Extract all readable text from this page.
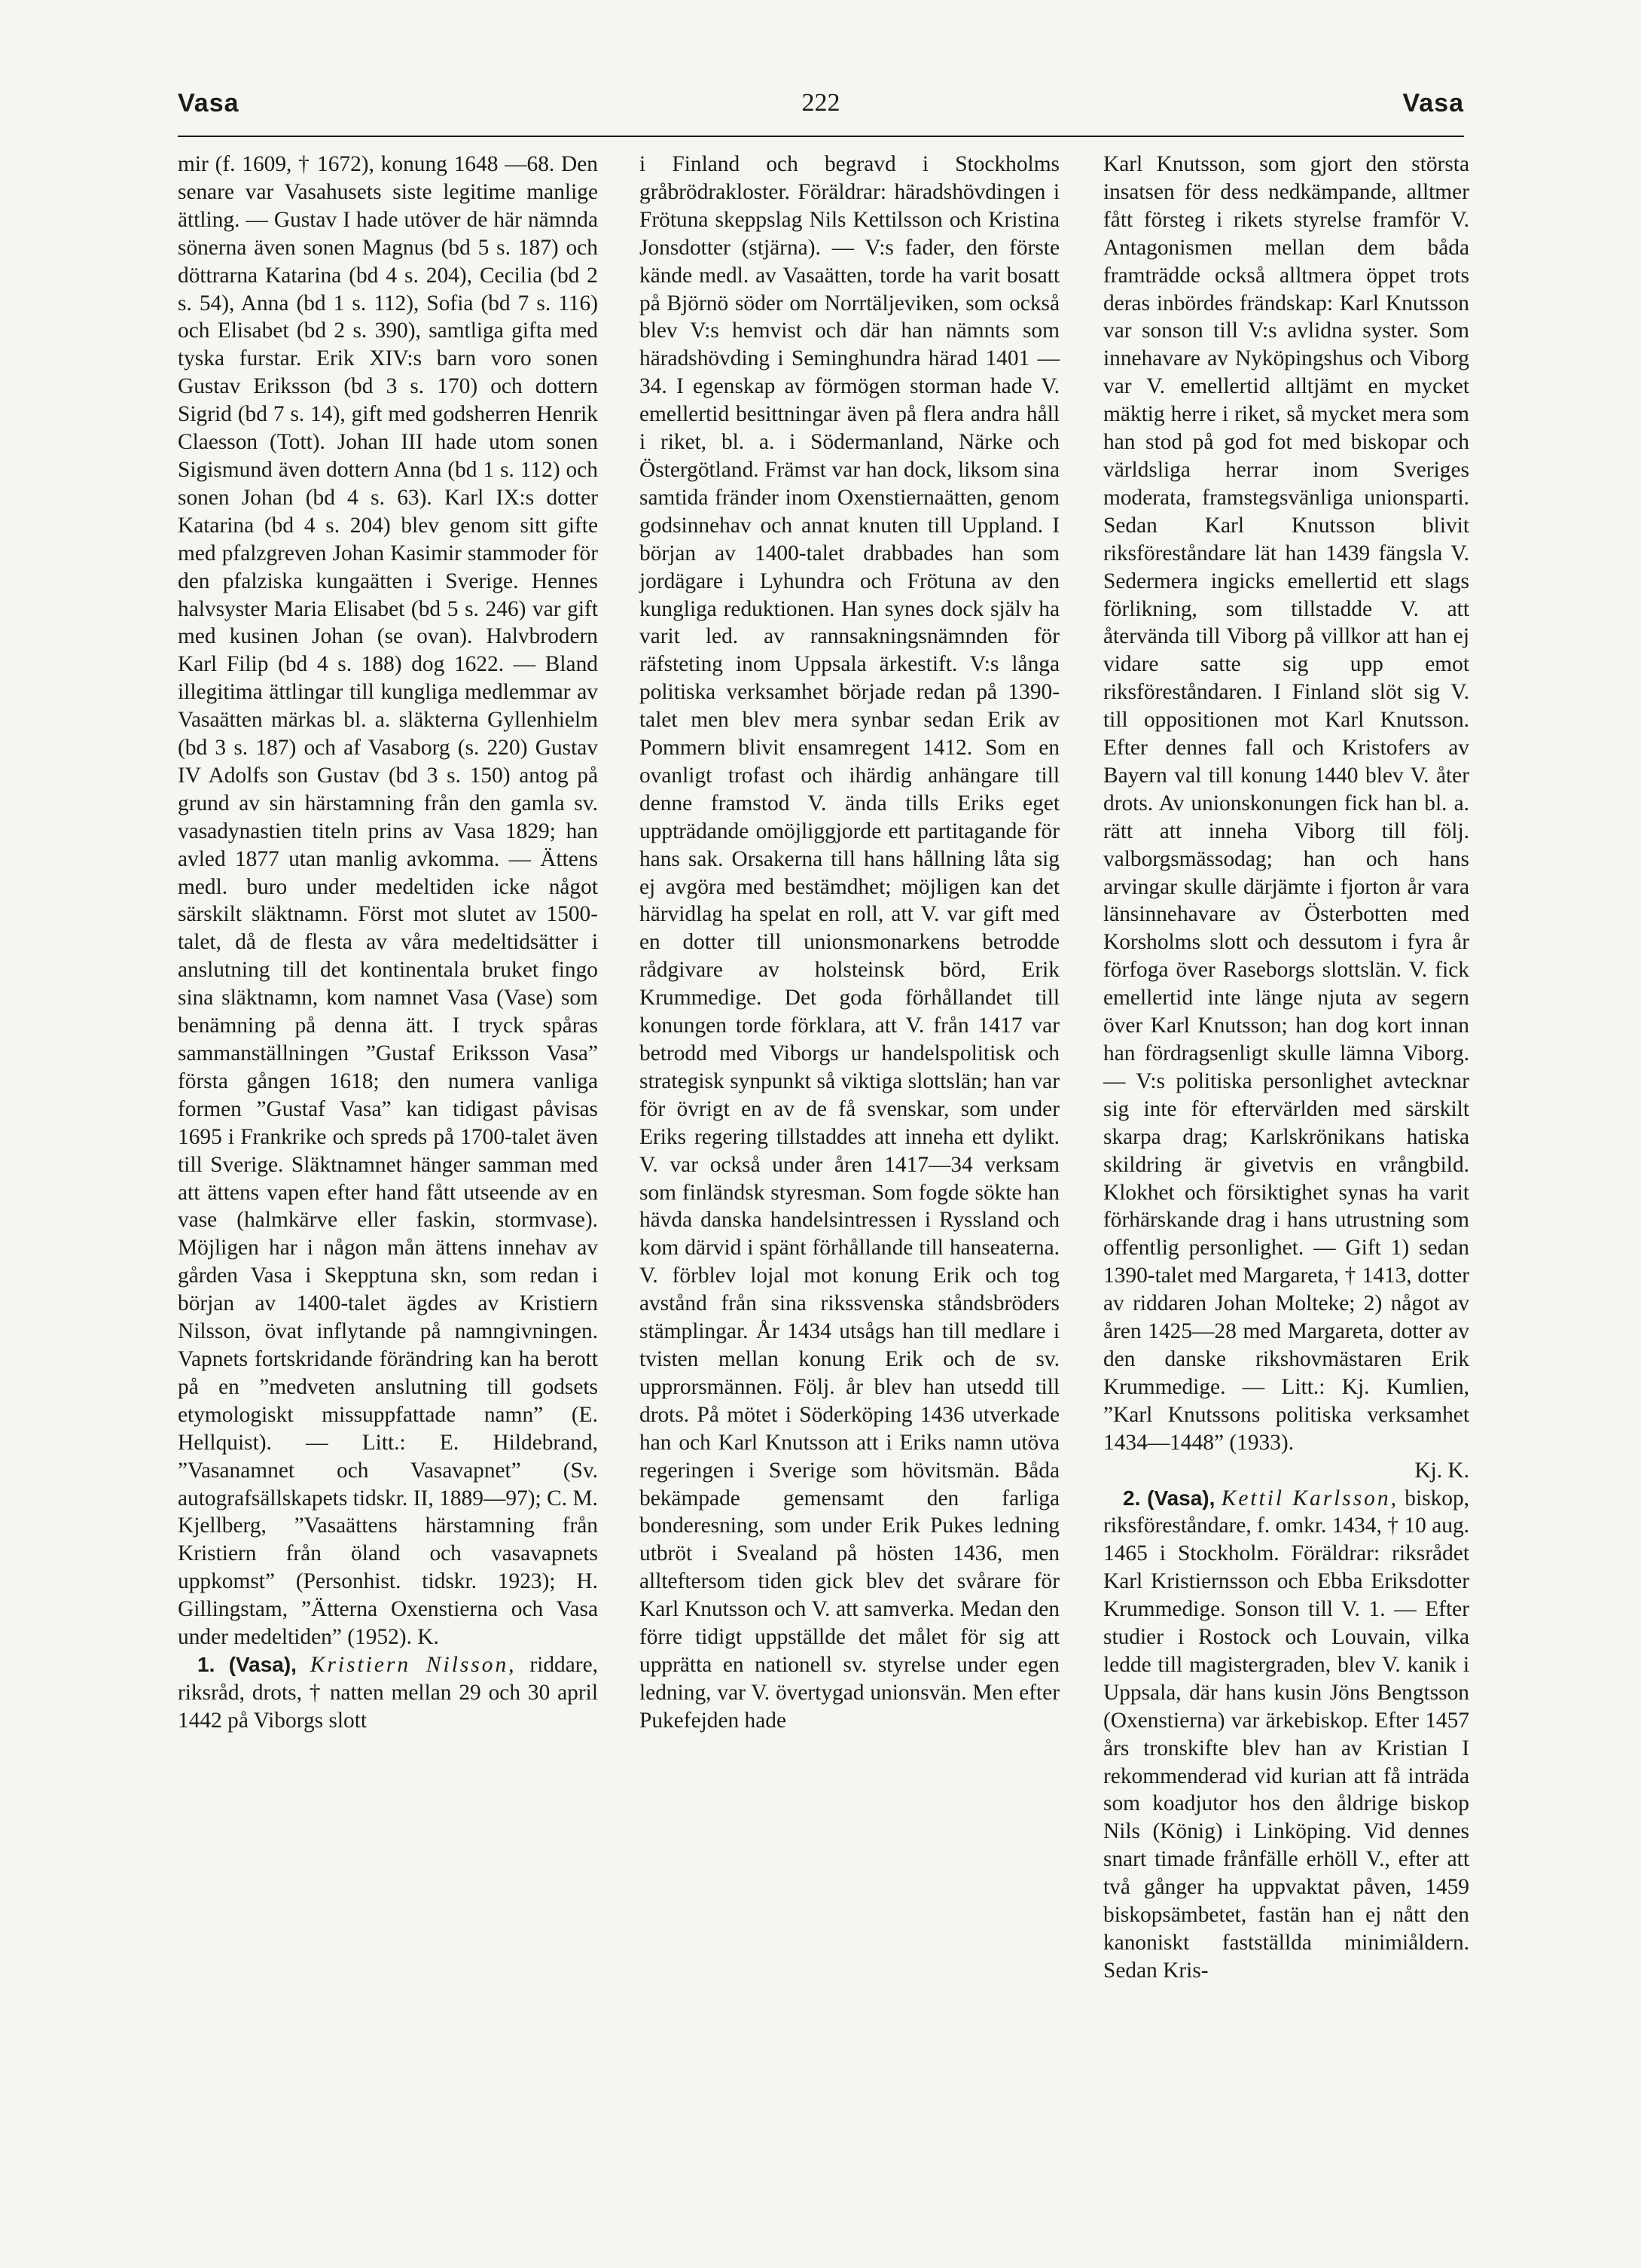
Vasa	222	Vasa

mir (f. 1609, † 1672), konung 1648 —68. Den senare var Vasahusets siste legitime manlige ättling. — Gustav I hade utöver de här nämnda sönerna även sonen Magnus (bd 5 s. 187) och döttrarna Katarina (bd 4 s. 204), Cecilia (bd 2 s. 54), Anna (bd 1 s. 112), Sofia (bd 7 s. 116) och Elisabet (bd 2 s. 390), samtliga gifta med tyska furstar. Erik XIV:s barn voro sonen Gustav Eriksson (bd 3 s. 170) och dottern Sigrid (bd 7 s. 14), gift med godsherren Henrik Claesson (Tott). Johan III hade utom sonen Sigismund även dottern Anna (bd 1 s. 112) och sonen Johan (bd 4 s. 63). Karl IX:s dotter Katarina (bd 4 s. 204) blev genom sitt gifte med pfalzgreven Johan Kasimir stammoder för den pfalziska kungaätten i Sverige. Hennes halvsyster Maria Elisabet (bd 5 s. 246) var gift med kusinen Johan (se ovan). Halvbrodern Karl Filip (bd 4 s. 188) dog 1622. — Bland illegitima ättlingar till kungliga medlemmar av Vasaätten märkas bl. a. släkterna Gyllenhielm (bd 3 s. 187) och af Vasaborg (s. 220) Gustav IV Adolfs son Gustav (bd 3 s. 150) antog på grund av sin härstamning från den gamla sv. vasadynastien titeln prins av Vasa 1829; han avled 1877 utan manlig avkomma. — Ättens medl. buro under medeltiden icke något särskilt släktnamn. Först mot slutet av 1500-talet, då de flesta av våra medeltidsätter i anslutning till det kontinentala bruket fingo sina släktnamn, kom namnet Vasa (Vase) som benämning på denna ätt. I tryck spåras sammanställningen ”Gustaf Eriksson Vasa” första gången 1618; den numera vanliga formen ”Gustaf Vasa” kan tidigast påvisas 1695 i Frankrike och spreds på 1700-talet även till Sverige. Släktnamnet hänger samman med att ättens vapen efter hand fått utseende av en vase (halmkärve eller faskin, stormvase). Möjligen har i någon mån ättens innehav av gården Vasa i Skepptuna skn, som redan i början av 1400-talet ägdes av Kristiern Nilsson, övat inflytande på namngivningen. Vapnets fortskridande förändring kan ha berott på en ”medveten anslutning till godsets etymologiskt missuppfattade namn” (E. Hellquist). — Litt.: E. Hildebrand, ”Vasanamnet och Vasavapnet” (Sv. autografsällskapets tidskr. II, 1889—97); C. M. Kjellberg, ”Vasaättens härstamning från Kristiern från öland och vasavapnets uppkomst” (Personhist. tidskr. 1923); H. Gillingstam, ”Ätterna Oxenstierna och Vasa under medeltiden” (1952). K.

1. (Vasa), Kristiern Nilsson, riddare, riksråd, drots, † natten mellan 29 och 30 april 1442 på Viborgs slott

i Finland och begravd i Stockholms gråbrödrakloster. Föräldrar: häradshövdingen i Frötuna skeppslag Nils Kettilsson och Kristina Jonsdotter (stjärna). — V:s fader, den förste kände medl. av Vasaätten, torde ha varit bosatt på Björnö söder om Norrtäljeviken, som också blev V:s hemvist och där han nämnts som häradshövding i Seminghundra härad 1401 —34. I egenskap av förmögen storman hade V. emellertid besittningar även på flera andra håll i riket, bl. a. i Södermanland, Närke och Östergötland. Främst var han dock, liksom sina samtida fränder inom Oxenstiernaätten, genom godsinnehav och annat knuten till Uppland. I början av 1400-talet drabbades han som jordägare i Lyhundra och Frötuna av den kungliga reduktionen. Han synes dock själv ha varit led. av rannsakningsnämnden för räfsteting inom Uppsala ärkestift. V:s långa politiska verksamhet började redan på 1390-talet men blev mera synbar sedan Erik av Pommern blivit ensamregent 1412. Som en ovanligt trofast och ihärdig anhängare till denne framstod V. ända tills Eriks eget uppträdande omöjliggjorde ett partitagande för hans sak. Orsakerna till hans hållning låta sig ej avgöra med bestämdhet; möjligen kan det härvidlag ha spelat en roll, att V. var gift med en dotter till unionsmonarkens betrodde rådgivare av holsteinsk börd, Erik Krummedige. Det goda förhållandet till konungen torde förklara, att V. från 1417 var betrodd med Viborgs ur handelspolitisk och strategisk synpunkt så viktiga slottslän; han var för övrigt en av de få svenskar, som under Eriks regering tillstaddes att inneha ett dylikt. V. var också under åren 1417—34 verksam som finländsk styresman. Som fogde sökte han hävda danska handelsintressen i Ryssland och kom därvid i spänt förhållande till hanseaterna. V. förblev lojal mot konung Erik och tog avstånd från sina rikssvenska ståndsbröders stämplingar. År 1434 utsågs han till medlare i tvisten mellan konung Erik och de sv. upprorsmännen. Följ. år blev han utsedd till drots. På mötet i Söderköping 1436 utverkade han och Karl Knutsson att i Eriks namn utöva regeringen i Sverige som hövitsmän. Båda bekämpade gemensamt den farliga bonderesning, som under Erik Pukes ledning utbröt i Svealand på hösten 1436, men allteftersom tiden gick blev det svårare för Karl Knutsson och V. att samverka. Medan den förre tidigt uppställde det målet för sig att upprätta en nationell sv. styrelse under egen ledning, var V. övertygad unionsvän. Men efter Pukefejden hade

Karl Knutsson, som gjort den största insatsen för dess nedkämpande, alltmer fått försteg i rikets styrelse framför V. Antagonismen mellan dem båda framträdde också alltmera öppet trots deras inbördes frändskap: Karl Knutsson var sonson till V:s avlidna syster. Som innehavare av Nyköpingshus och Viborg var V. emellertid alltjämt en mycket mäktig herre i riket, så mycket mera som han stod på god fot med biskopar och världsliga herrar inom Sveriges moderata, framstegsvänliga unionsparti. Sedan Karl Knutsson blivit riksföreståndare lät han 1439 fängsla V. Sedermera ingicks emellertid ett slags förlikning, som tillstadde V. att återvända till Viborg på villkor att han ej vidare satte sig upp emot riksföreståndaren. I Finland slöt sig V. till oppositionen mot Karl Knutsson. Efter dennes fall och Kristofers av Bayern val till konung 1440 blev V. åter drots. Av unionskonungen fick han bl. a. rätt att inneha Viborg till följ. valborgsmässodag; han och hans arvingar skulle därjämte i fjorton år vara länsinnehavare av Österbotten med Korsholms slott och dessutom i fyra år förfoga över Raseborgs slottslän. V. fick emellertid inte länge njuta av segern över Karl Knutsson; han dog kort innan han fördragsenligt skulle lämna Viborg. — V:s politiska personlighet avtecknar sig inte för eftervärlden med särskilt skarpa drag; Karlskrönikans hatiska skildring är givetvis en vrångbild. Klokhet och försiktighet synas ha varit förhärskande drag i hans utrustning som offentlig personlighet. — Gift 1) sedan 1390-talet med Margareta, † 1413, dotter av riddaren Johan Molteke; 2) något av åren 1425—28 med Margareta, dotter av den danske rikshovmästaren Erik Krummedige. — Litt.: Kj. Kumlien, ”Karl Knutssons politiska verksamhet 1434—1448” (1933).

Kj. K.

2. (Vasa), Kettil Karlsson, biskop, riksföreståndare, f. omkr. 1434, † 10 aug. 1465 i Stockholm. Föräldrar: riksrådet Karl Kristiernsson och Ebba Eriksdotter Krummedige. Sonson till V. 1. — Efter studier i Rostock och Louvain, vilka ledde till magistergraden, blev V. kanik i Uppsala, där hans kusin Jöns Bengtsson (Oxenstierna) var ärkebiskop. Efter 1457 års tronskifte blev han av Kristian I rekommenderad vid kurian att få inträda som koadjutor hos den åldrige biskop Nils (König) i Linköping. Vid dennes snart timade frånfälle erhöll V., efter att två gånger ha uppvaktat påven, 1459 biskopsämbetet, fastän han ej nått den kanoniskt fastställda minimiåldern. Sedan Kris-
